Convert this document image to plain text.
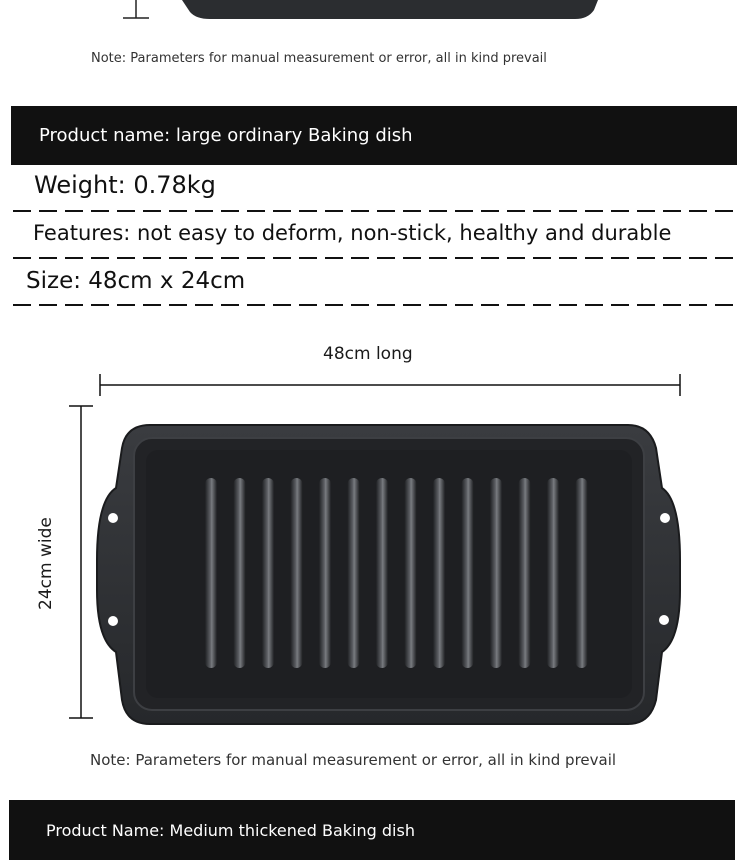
Note: Parameters for manual measurement or error, all in kind prevail
Product name: large ordinary Baking dish
Weight: 0.78kg
Features: not easy to deform, non-stick, healthy and durable
Size: 48cm x 24cm
48cm long
24cm wide
Note: Parameters for manual measurement or error, all in kind prevail
Product Name: Medium thickened Baking dish
